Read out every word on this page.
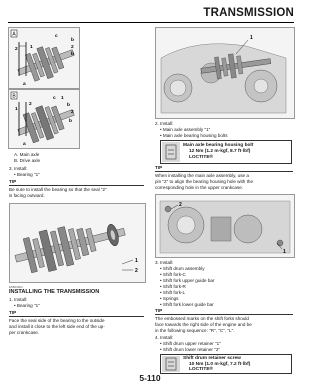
TRANSMISSION
A
2	1
c
b
2
b
a
|
B	c 1
b
2
2
1
b
a
A. Main axle
B. Drive axle
3. Install:
• Bearing "1"
TIP
Be sure to install the bearing so that the seal "2"
is facing outward.
1
2
ES5D3004
INSTALLING THE TRANSMISSION
1. Install:
• Bearing "1"
TIP
Face the seal side of the bearing to the outside
and install it close to the left side end of the up-
per crankcase.
1
2. Install:
• Main axle assembly "1"
• Main axle bearing housing bolts
Main axle bearing housing bolt
12 Nm (1.2 m·kgf, 8.7 ft·lbf)
LOCTITE®
TIP
When installing the main axle assembly, use a
pin "2" to align the bearing housing hole with the
corresponding hole in the upper crankcase.
2
1
3. Install:
• Shift drum assembly
• Shift fork-C
• Shift fork upper guide bar
• Shift fork-R
• Shift fork-L
• Springs
• Shift fork lower guide bar
TIP
The embossed marks on the shift forks should
face towards the right side of the engine and be
in the following sequence: "R", "C", "L".
4. Install:
• Shift drum upper retainer "1"
• Shift drum lower retainer "2"
Shift drum retainer screw
10 Nm (1.0 m·kgf, 7.2 ft·lbf)
LOCTITE®
5-110
